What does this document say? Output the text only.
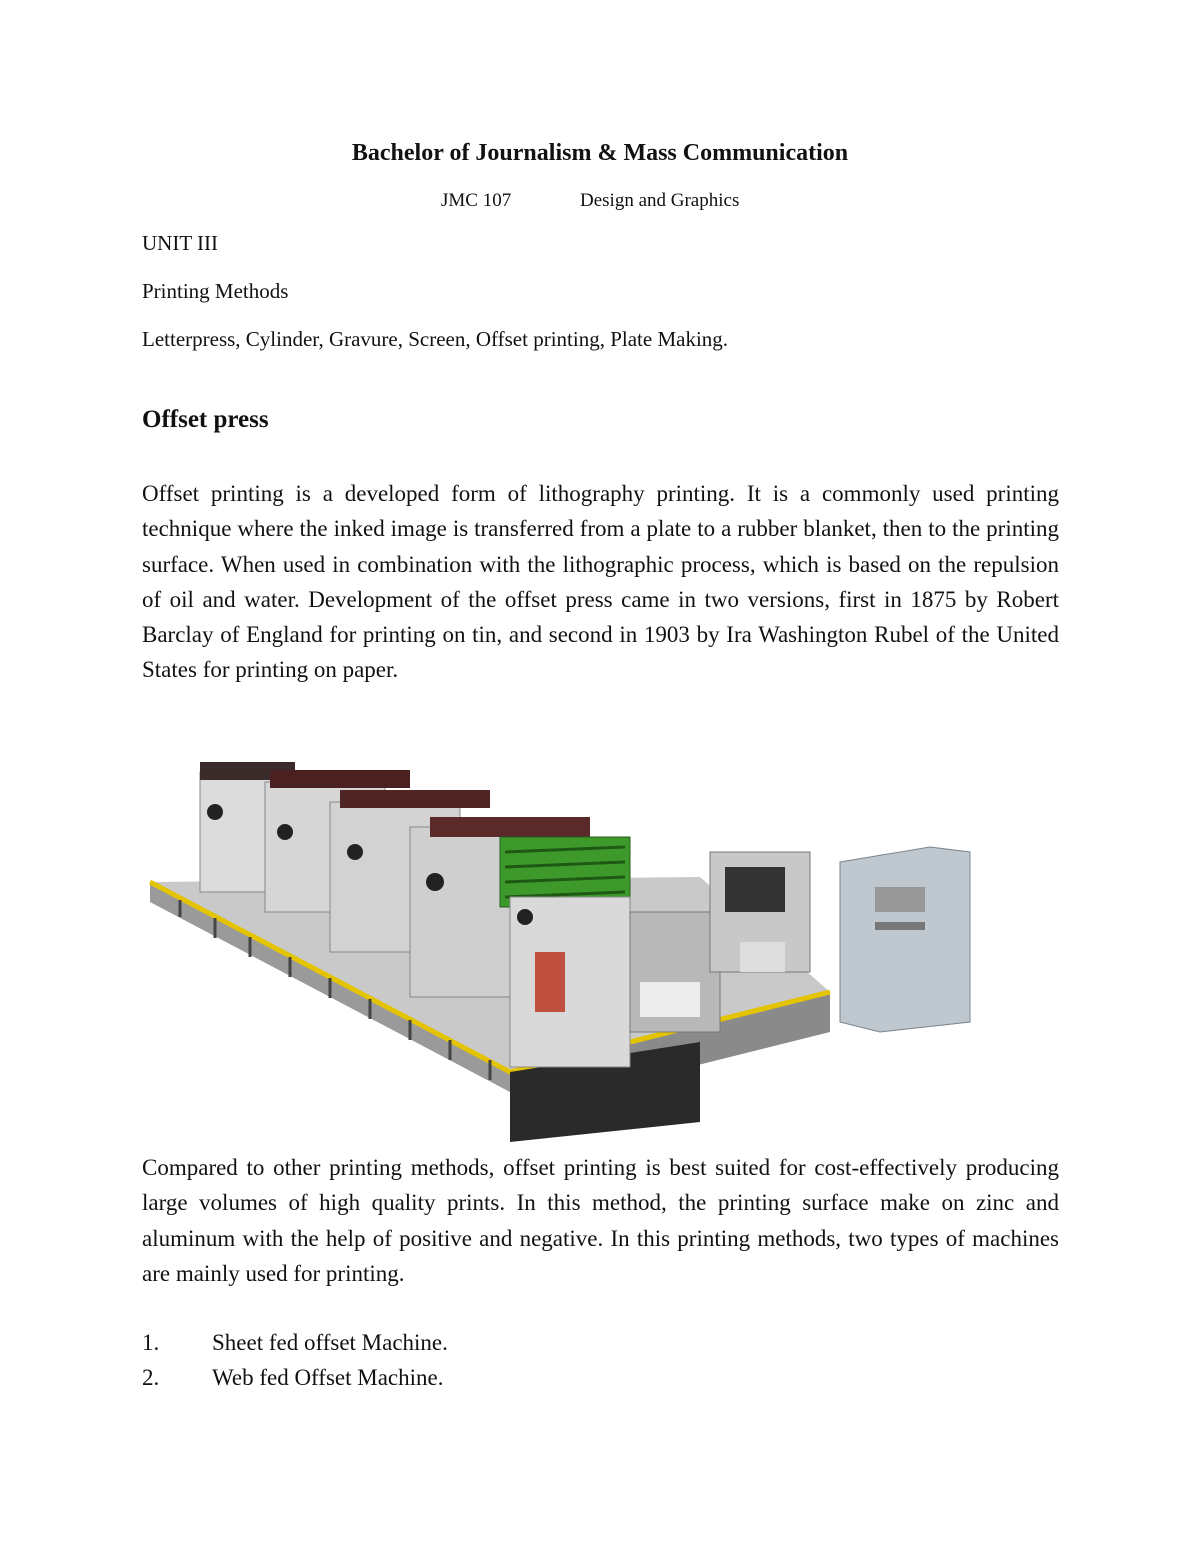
Bachelor of Journalism & Mass Communication
JMC 107	Design and Graphics
UNIT III
Printing Methods
Letterpress, Cylinder, Gravure, Screen, Offset printing, Plate Making.
Offset press

Offset printing is a developed form of lithography printing. It is a commonly used printing technique where the inked image is transferred from a plate to a rubber blanket, then to the printing surface. When used in combination with the lithographic process, which is based on the repulsion of oil and water. Development of the offset press came in two versions, first in 1875 by Robert Barclay of England for printing on tin, and second in 1903 by Ira Washington Rubel of the United States for printing on paper.

Compared to other printing methods, offset printing is best suited for cost-effectively producing large volumes of high quality prints. In this method, the printing surface make on zinc and aluminum with the help of positive and negative. In this printing methods, two types of machines are mainly used for printing.

1. Sheet fed offset Machine.
2. Web fed Offset Machine.
